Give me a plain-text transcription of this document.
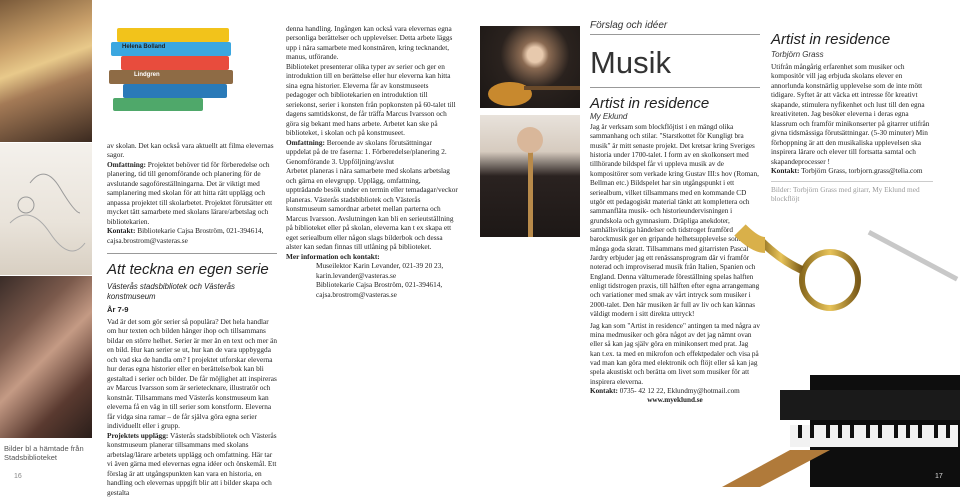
Helena Bolland
Lindgren
Bilder bl a hämtade från Stadsbiblioteket
16

av skolan. Det kan också vara aktuellt att filma elevernas sagor.

Omfattning: Projektet behöver tid för förberedelse och planering, tid till genomförande och planering för de avslutande sagoföreställningarna. Det är viktigt med samplanering med skolan för att hitta rätt upplägg och anpassa projektet till skolarbetet. Projektet förutsätter ett mycket tätt samarbete med skolans lärare/arbetslag och bibliotekarien.

Kontakt: Bibliotekarie Cajsa Broström, 021-394614, cajsa.brostrom@vasteras.se

Att teckna en egen serie
Västerås stadsbibliotek och Västerås konstmuseum
År 7-9

Vad är det som gör serier så populära? Det hela handlar om hur texten och bilden hänger ihop och tillsammans bildar en större helhet. Serier är mer än en text och mer än en bild. Hur kan serier se ut, hur kan de vara uppbyggda och vad ska de handla om? I projektet utforskar eleverna hur deras egna historier eller en berättelse/bok kan bli gestaltad i serier och bilder. De får möjlighet att inspireras av Marcus Ivarsson som är serietecknare, illustratör och konstnär. Tillsammans med Västerås konstmuseum kan eleverna få en väg in till serier som konstform. Eleverna får vidga sina ramar – de får själva göra egna serier individuellt eller i grupp.

Projektets upplägg: Västerås stadsbibliotek och Västerås konstmuseum planerar tillsammans med skolans arbetslag/lärare arbetets upplägg och omfattning. Här tar vi även gärna med elevernas egna idéer och önskemål. Ett förslag är att utgångspunkten kan vara en historia, en handling och elevernas uppgift blir att i bilder skapa och gestalta

denna handling. Ingången kan också vara elevernas egna personliga berättelser och upplevelser. Detta arbete läggs upp i nära samarbete med konstnären, kring tecknandet, manus, utförande.

Biblioteket presenterar olika typer av serier och ger en introduktion till en berättelse eller hur eleverna kan hitta sina egna historier. Eleverna får av konstmuseets pedagoger och bibliotekarien en introduktion till seriekonst, serier i konsten från popkonsten på 60-talet till dagens samtidskonst, de får träffa Marcus Ivarsson och göra sig bekant med hans arbete. Arbetet kan ske på biblioteket, i skolan och på konstmuseet.

Omfattning: Beroende av skolans förutsättningar uppdelat på de tre faserna: 1. Förberedelse/planering 2. Genomförande 3. Uppföljning/avslut

Arbetet planeras i nära samarbete med skolans arbetslag och gärna en elevgrupp. Upplägg, omfattning, uppträdande besök under en termin eller temadagar/veckor planeras. Västerås stadsbibliotek och Västerås konstmuseum samordnar arbetet mellan parterna och Marcus Ivarsson. Avslutningen kan bli en serieutställning på biblioteket eller på skolan, eleverna kan t ex skapa ett eget seriealbum eller någon slags bilderbok och dessa alster kan sedan finnas till utlåning på biblioteket.

Mer information och kontakt:

Museilektor Karin Levander, 021-39 20 23, karin.levander@vasteras.se

Bibliotekarie Cajsa Broström, 021-394614, cajsa.brostrom@vasteras.se

Förslag och idéer
Musik
Artist in residence
My Eklund

Jag är verksam som blockflöjtist i en mängd olika sammanhang och stilar. "Starstkottet för Kungligt bra musik" är mitt senaste projekt. Det kretsar kring Sveriges historia under 1700-talet. I form av en skolkonsert med tillhörande bildspel får vi uppleva musik av de kompositörer som verkade kring Gustav III:s hov (Roman, Bellman etc.) Bildspelet har sin utgångspunkt i ett seriealbum, vilket tillsammans med en kommande CD utgör ett pedagogiskt material tänkt att komplettera och sammanfläta musik- och historieundervisningen i grundskola och gymnasium. Dräpliga anekdoter, samhällsviktiga händelser och tidstroget framförd barockmusik ger en gripande helhetsupplevelse som många goda skratt. Tillsammans med gitarristen Pascal Jardry erbjuder jag ett renässansprogram där vi framför noterad och improviserad musik från Italien, Spanien och England. Denna välturnerade föreställning spelas halften enligt tidstrogen praxis, till hälften efter egna arrangemang och variationer med smak av vårt intryck som musiker i 2000-talet. Den här musiken är full av liv och kan kännas väldigt modern i sitt direkta uttryck!

Jag kan som "Artist in residence" antingen ta med några av mina medmusiker och göra något av det jag nämnt ovan eller så kan jag själv göra en minikonsert med prat. Jag kan t.ex. ta med en mikrofon och effektpedaler och visa på vad man kan göra med elektronik och flöjt eller så kan jag spela akustiskt och berätta om livet som musiker för att inspirera eleverna.

Kontakt: 0735- 42 12 22, Eklundmy@hotmail.com

www.myeklund.se

Artist in residence
Torbjörn Grass

Utifrån mångårig erfarenhet som musiker och kompositör vill jag erbjuda skolans elever en annorlunda konstnärlig upplevelse som de inte mött tidigare. Syftet är att väcka ett intresse för kreativt skapande, stimulera nyfikenhet och lust till den egna kreativiteten. Jag besöker eleverna i deras egna klassrum och framför minikonserter på gitarrer utifrån givna tidsmässiga förutsättningar. (5-30 minuter) Min förhoppning är att den musikaliska upplevelsen ska inspirera lärare och elever till fortsatta samtal och skapandeprocesser !

Kontakt: Torbjörn Grass, torbjorn.grass@telia.com

Bilder: Torbjörn Grass med gitarr, My Eklund med blockflöjt

17
